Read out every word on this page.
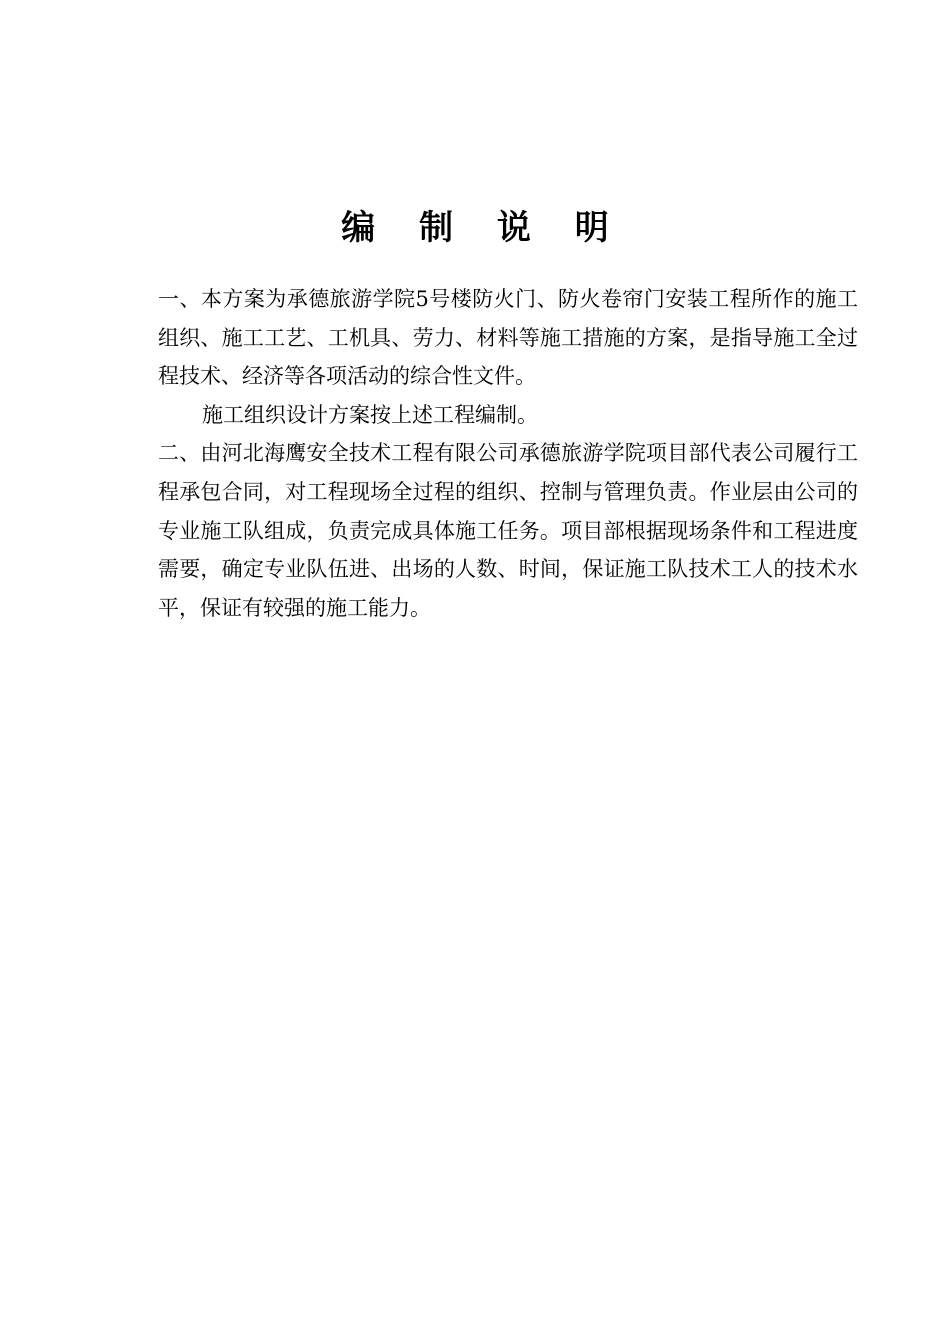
编 制 说 明

一、本方案为承德旅游学院5号楼防火门、防火卷帘门安装工程所作的施工组织、施工工艺、工机具、劳力、材料等施工措施的方案，是指导施工全过程技术、经济等各项活动的综合性文件。

施工组织设计方案按上述工程编制。

二、由河北海鹰安全技术工程有限公司承德旅游学院项目部代表公司履行工程承包合同，对工程现场全过程的组织、控制与管理负责。作业层由公司的专业施工队组成，负责完成具体施工任务。项目部根据现场条件和工程进度需要，确定专业队伍进、出场的人数、时间，保证施工队技术工人的技术水平，保证有较强的施工能力。
